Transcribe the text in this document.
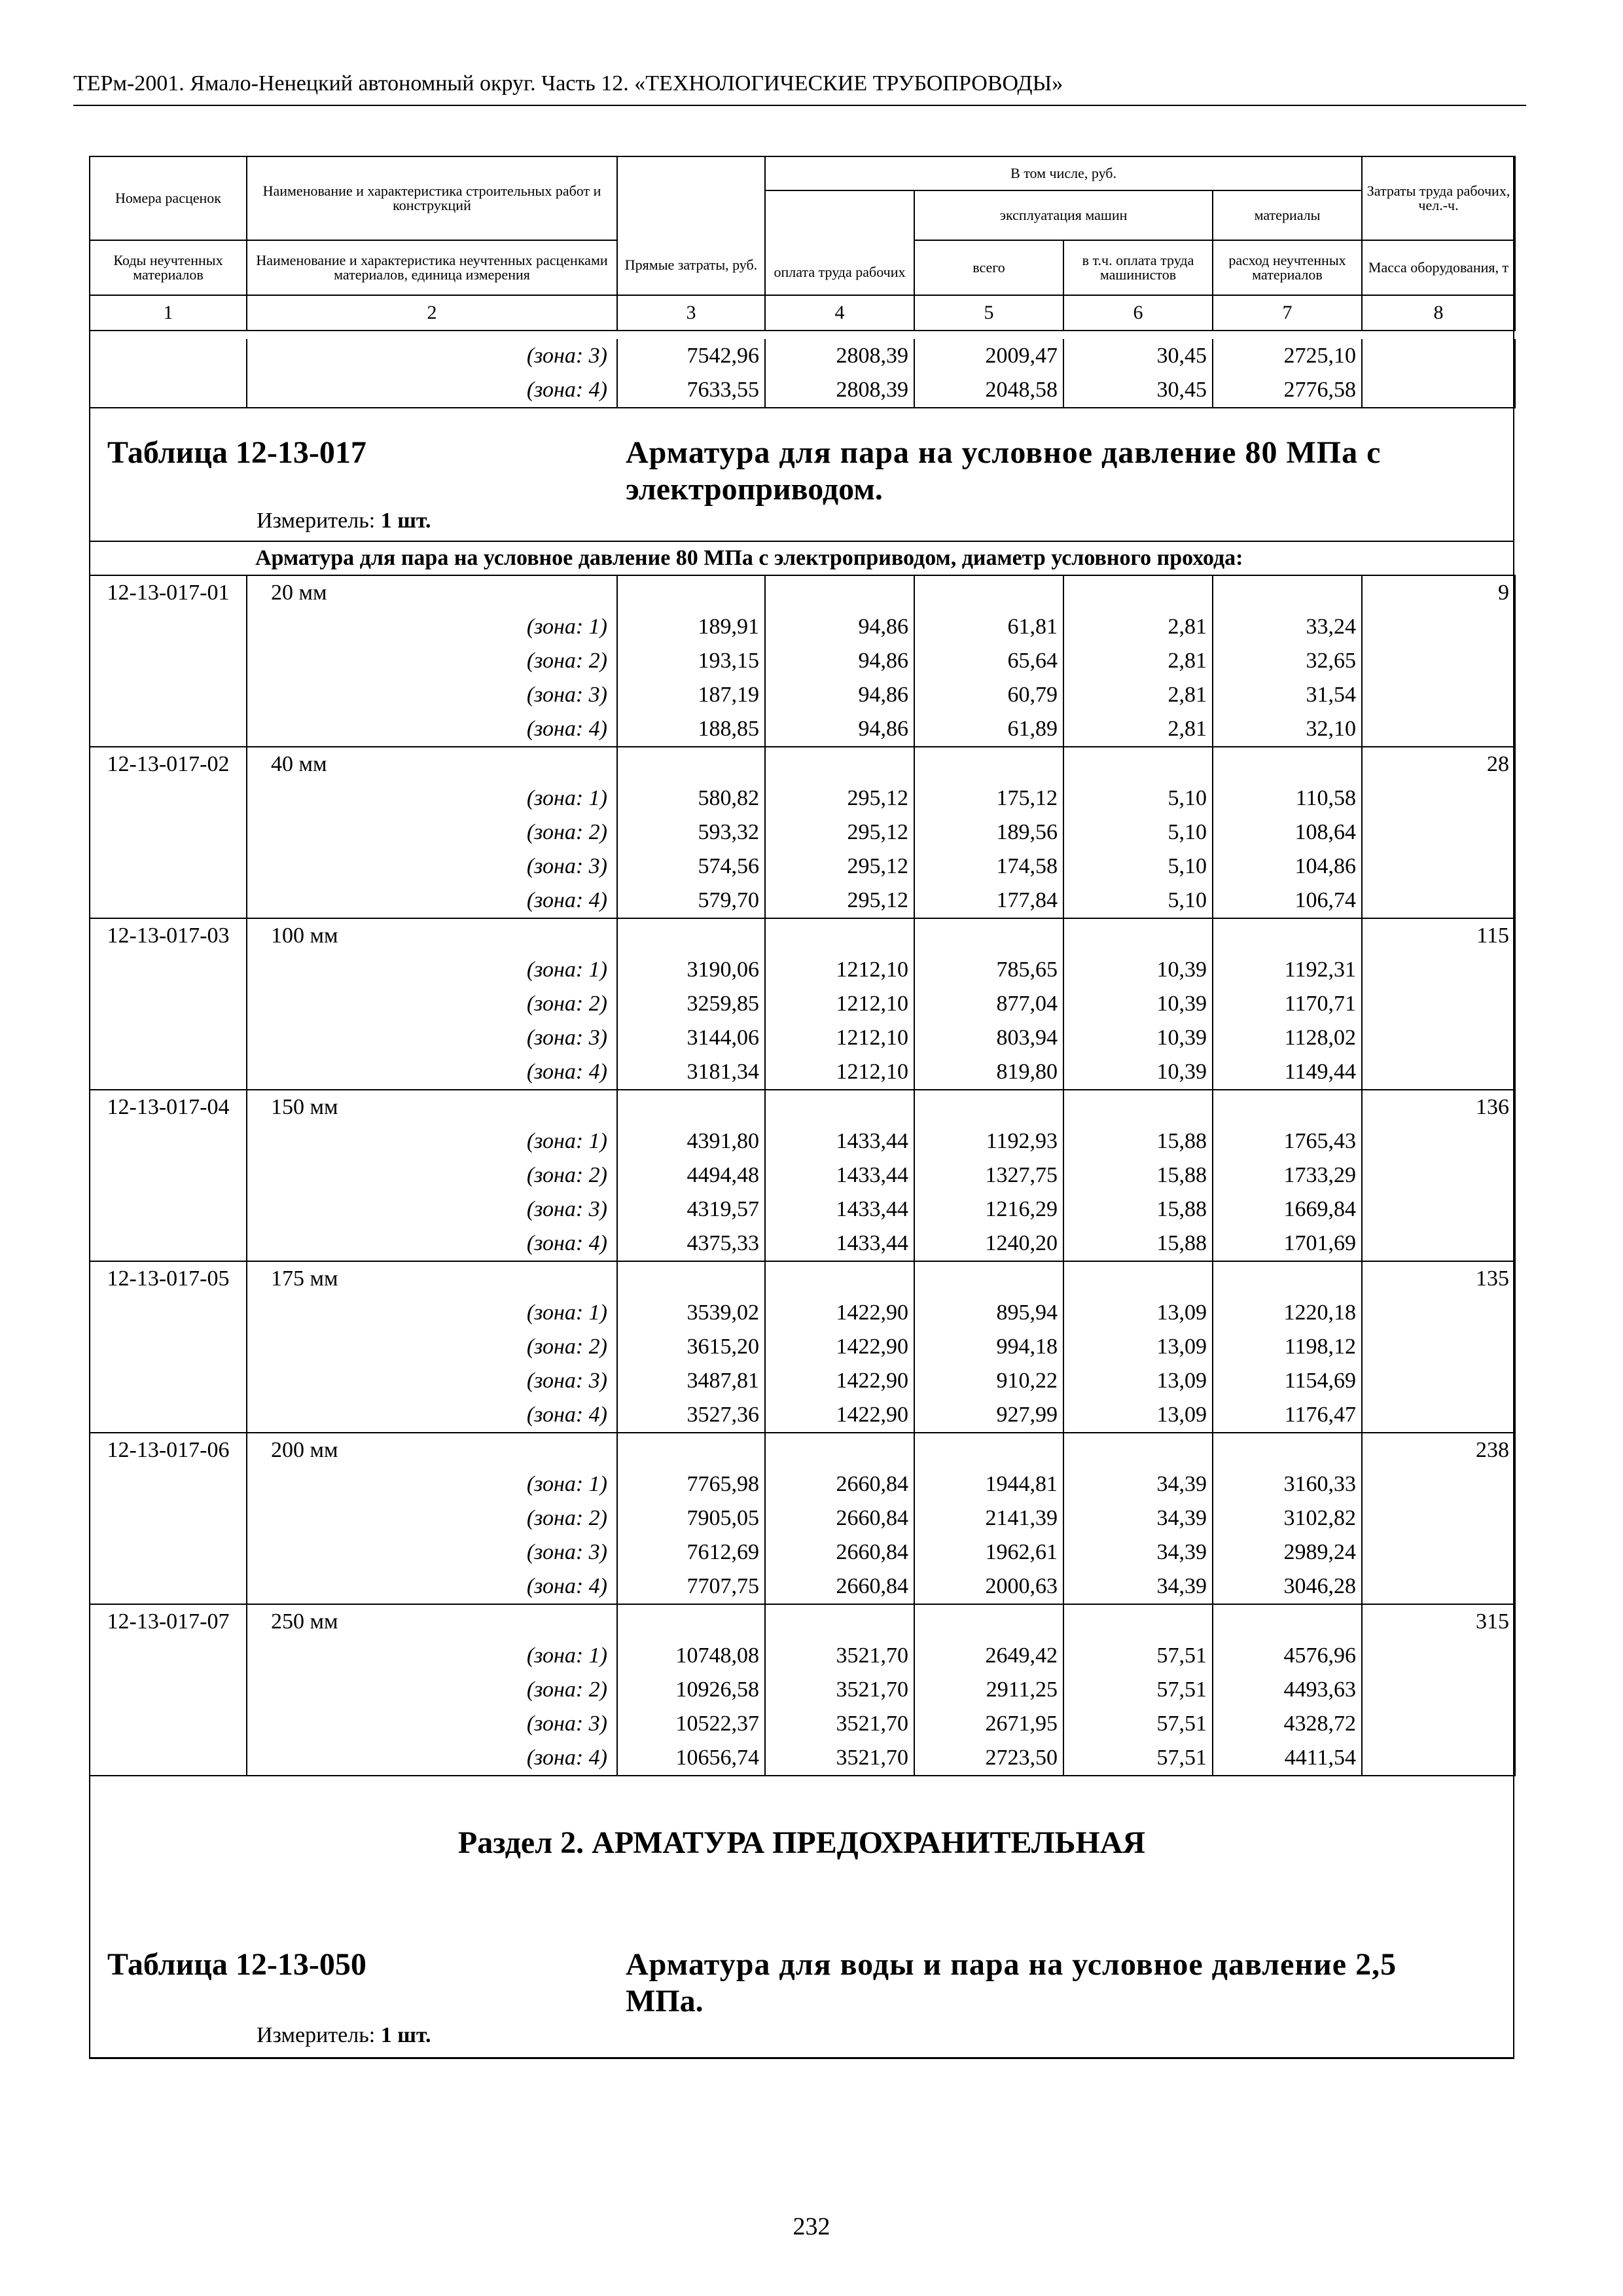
ТЕРм-2001. Ямало-Ненецкий автономный округ. Часть 12. «ТЕХНОЛОГИЧЕСКИЕ ТРУБОПРОВОДЫ»
Номера расценок	Наименование и характеристика строительных работ и конструкций	Прямые затраты, руб.	В том числе, руб.				Затраты труда рабочих, чел.-ч.
			оплата труда рабочих	эксплуатация машин		материалы	

Коды неучтенных материалов	Наименование и характеристика неучтенных расценками материалов, единица измерения			всего	в т.ч. оплата труда машинистов	расход неучтенных материалов	Масса оборудования, т

1	2	3	4	5	6	7	8
	(зона: 3)	7542,96	2808,39	2009,47	30,45	2725,10	
	(зона: 4)	7633,55	2808,39	2048,58	30,45	2776,58	
Таблица 12-13-017	Арматура для пара на условное давление 80 МПа с
электроприводом.
Измеритель: 1 шт.
Арматура для пара на условное давление 80 МПа с электроприводом, диаметр условного прохода:
12-13-017-01	20 мм						9
	(зона: 1)	189,91	94,86	61,81	2,81	33,24	
	(зона: 2)	193,15	94,86	65,64	2,81	32,65	
	(зона: 3)	187,19	94,86	60,79	2,81	31,54	
	(зона: 4)	188,85	94,86	61,89	2,81	32,10	
12-13-017-02	40 мм						28
	(зона: 1)	580,82	295,12	175,12	5,10	110,58	
	(зона: 2)	593,32	295,12	189,56	5,10	108,64	
	(зона: 3)	574,56	295,12	174,58	5,10	104,86	
	(зона: 4)	579,70	295,12	177,84	5,10	106,74	
12-13-017-03	100 мм						115
	(зона: 1)	3190,06	1212,10	785,65	10,39	1192,31	
	(зона: 2)	3259,85	1212,10	877,04	10,39	1170,71	
	(зона: 3)	3144,06	1212,10	803,94	10,39	1128,02	
	(зона: 4)	3181,34	1212,10	819,80	10,39	1149,44	
12-13-017-04	150 мм						136
	(зона: 1)	4391,80	1433,44	1192,93	15,88	1765,43	
	(зона: 2)	4494,48	1433,44	1327,75	15,88	1733,29	
	(зона: 3)	4319,57	1433,44	1216,29	15,88	1669,84	
	(зона: 4)	4375,33	1433,44	1240,20	15,88	1701,69	
12-13-017-05	175 мм						135
	(зона: 1)	3539,02	1422,90	895,94	13,09	1220,18	
	(зона: 2)	3615,20	1422,90	994,18	13,09	1198,12	
	(зона: 3)	3487,81	1422,90	910,22	13,09	1154,69	
	(зона: 4)	3527,36	1422,90	927,99	13,09	1176,47	
12-13-017-06	200 мм						238
	(зона: 1)	7765,98	2660,84	1944,81	34,39	3160,33	
	(зона: 2)	7905,05	2660,84	2141,39	34,39	3102,82	
	(зона: 3)	7612,69	2660,84	1962,61	34,39	2989,24	
	(зона: 4)	7707,75	2660,84	2000,63	34,39	3046,28	
12-13-017-07	250 мм						315
	(зона: 1)	10748,08	3521,70	2649,42	57,51	4576,96	
	(зона: 2)	10926,58	3521,70	2911,25	57,51	4493,63	
	(зона: 3)	10522,37	3521,70	2671,95	57,51	4328,72	
	(зона: 4)	10656,74	3521,70	2723,50	57,51	4411,54	
Раздел 2. АРМАТУРА ПРЕДОХРАНИТЕЛЬНАЯ
Таблица 12-13-050	Арматура для воды и пара на условное давление 2,5
МПа.
Измеритель: 1 шт.
232
